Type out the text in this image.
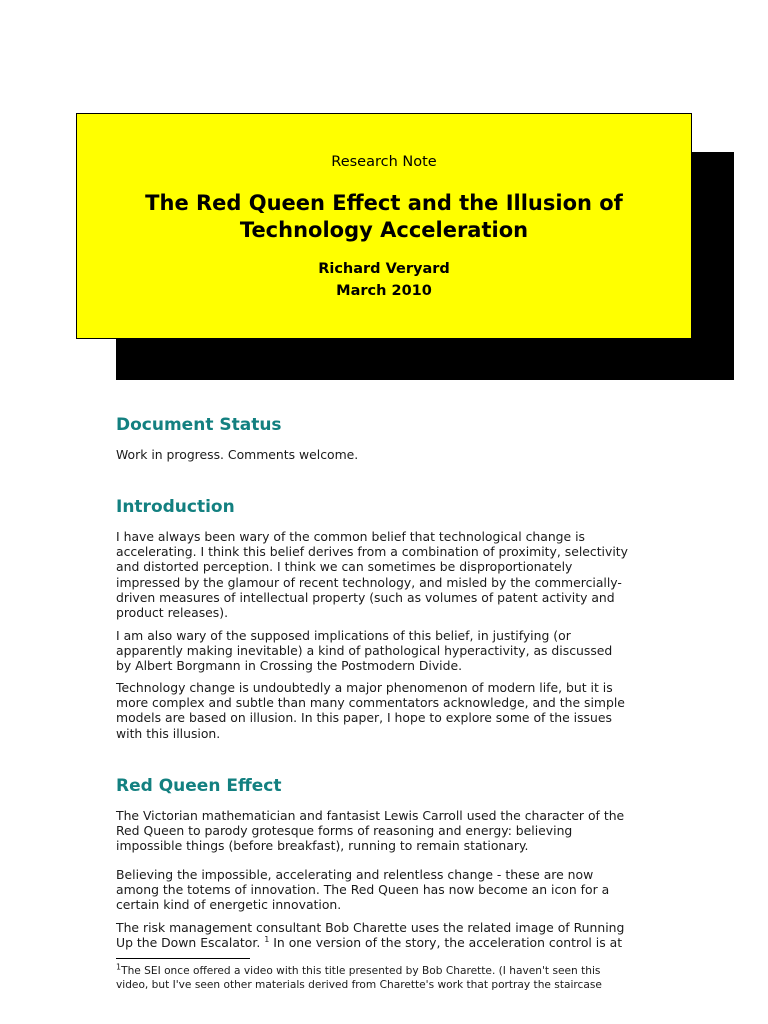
Research Note
The Red Queen Effect and the Illusion of
Technology Acceleration
Richard Veryard
March 2010
Document Status
Work in progress. Comments welcome.
Introduction
I have always been wary of the common belief that technological change is
accelerating. I think this belief derives from a combination of proximity, selectivity
and distorted perception. I think we can sometimes be disproportionately
impressed by the glamour of recent technology, and misled by the commercially-
driven measures of intellectual property (such as volumes of patent activity and
product releases).
I am also wary of the supposed implications of this belief, in justifying (or
apparently making inevitable) a kind of pathological hyperactivity, as discussed
by Albert Borgmann in Crossing the Postmodern Divide.
Technology change is undoubtedly a major phenomenon of modern life, but it is
more complex and subtle than many commentators acknowledge, and the simple
models are based on illusion. In this paper, I hope to explore some of the issues
with this illusion.
Red Queen Effect
The Victorian mathematician and fantasist Lewis Carroll used the character of the
Red Queen to parody grotesque forms of reasoning and energy: believing
impossible things (before breakfast), running to remain stationary.
Believing the impossible, accelerating and relentless change - these are now
among the totems of innovation. The Red Queen has now become an icon for a
certain kind of energetic innovation.
The risk management consultant Bob Charette uses the related image of Running
Up the Down Escalator. $^1$ In one version of the story, the acceleration control is at
$^1$The SEI once offered a video with this title presented by Bob Charette. (I haven't seen this
video, but I've seen other materials derived from Charette's work that portray the staircase
